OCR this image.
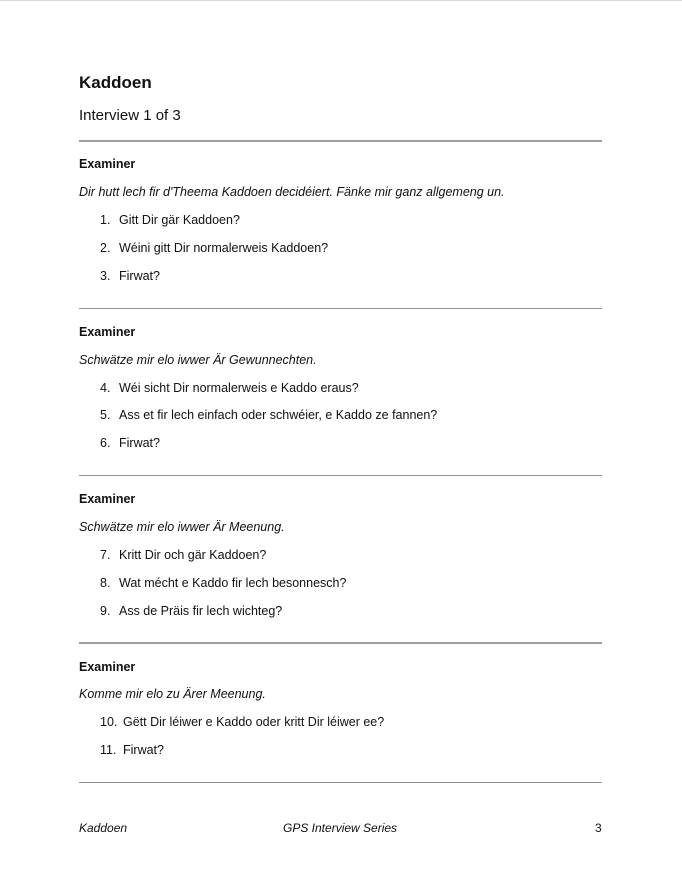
Kaddoen
Interview 1 of 3
Examiner
Dir hutt lech fir d'Theema Kaddoen decidéiert. Fänke mir ganz allgemeng un.
1. Gitt Dir gär Kaddoen?
2. Wéini gitt Dir normalerweis Kaddoen?
3. Firwat?
Examiner
Schwätze mir elo iwwer Är Gewunnechten.
4. Wéi sicht Dir normalerweis e Kaddo eraus?
5. Ass et fir lech einfach oder schwéier, e Kaddo ze fannen?
6. Firwat?
Examiner
Schwätze mir elo iwwer Är Meenung.
7. Kritt Dir och gär Kaddoen?
8. Wat mécht e Kaddo fir lech besonnesch?
9. Ass de Präis fir lech wichteg?
Examiner
Komme mir elo zu Ärer Meenung.
10. Gëtt Dir léiwer e Kaddo oder kritt Dir léiwer ee?
11. Firwat?
Kaddoen	GPS Interview Series	3
